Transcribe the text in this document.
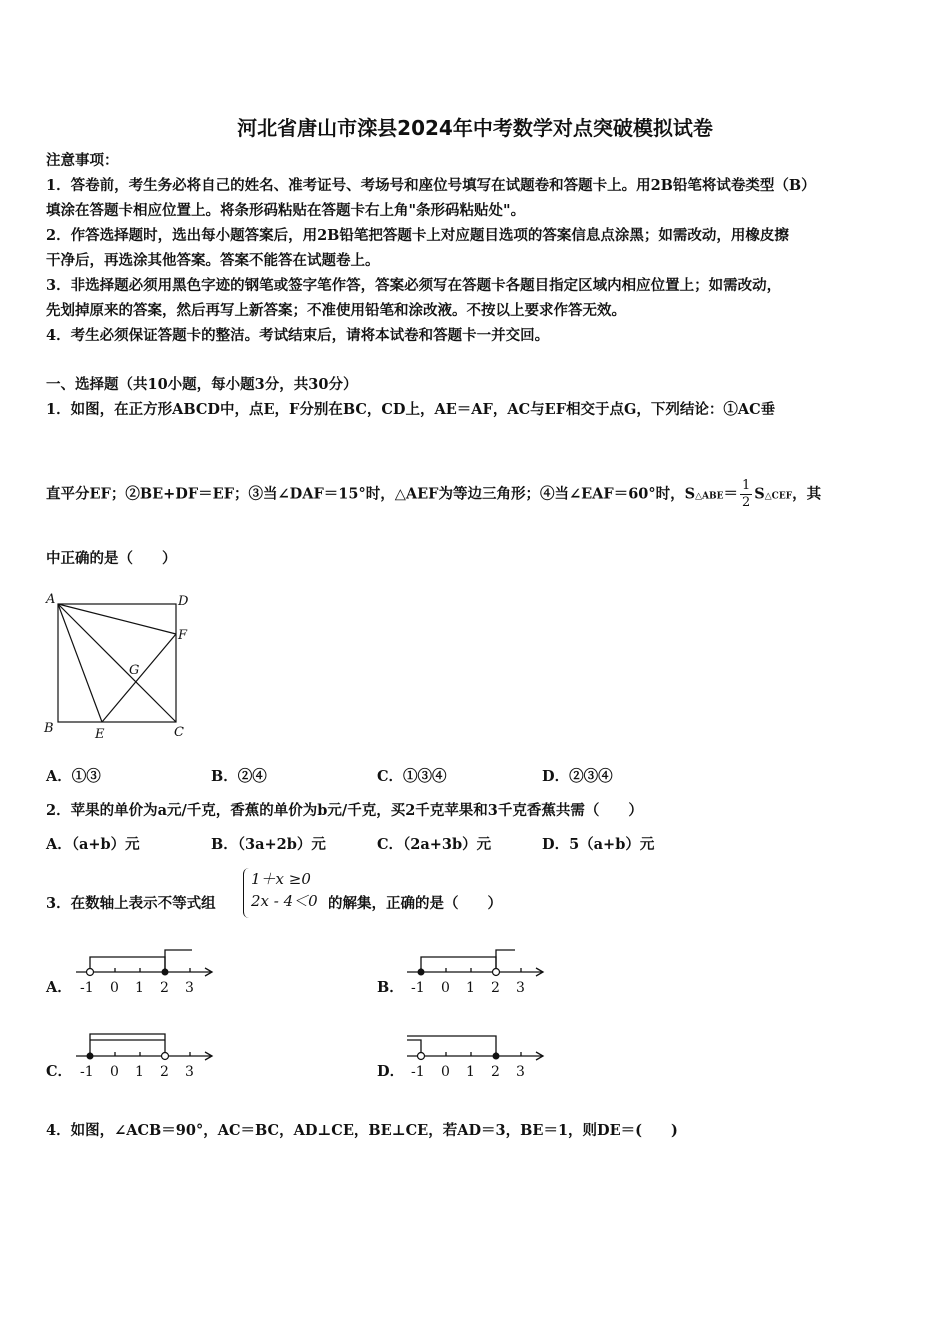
河北省唐山市滦县2024年中考数学对点突破模拟试卷
注意事项：
1．答卷前，考生务必将自己的姓名、准考证号、考场号和座位号填写在试题卷和答题卡上。用2B铅笔将试卷类型（B）
填涂在答题卡相应位置上。将条形码粘贴在答题卡右上角"条形码粘贴处"。
2．作答选择题时，选出每小题答案后，用2B铅笔把答题卡上对应题目选项的答案信息点涂黑；如需改动，用橡皮擦
干净后，再选涂其他答案。答案不能答在试题卷上。
3．非选择题必须用黑色字迹的钢笔或签字笔作答，答案必须写在答题卡各题目指定区域内相应位置上；如需改动，
先划掉原来的答案，然后再写上新答案；不准使用铅笔和涂改液。不按以上要求作答无效。
4．考生必须保证答题卡的整洁。考试结束后，请将本试卷和答题卡一并交回。
一、选择题（共10小题，每小题3分，共30分）
1．如图，在正方形ABCD中，点E，F分别在BC，CD上，AE＝AF，AC与EF相交于点G，下列结论：①AC垂
直平分EF；②BE+DF＝EF；③当∠DAF＝15°时，△AEF为等边三角形；④当∠EAF＝60°时，S△ABE＝ $\frac{1}{2}$ S△CEF，其
中正确的是（　　）
A	D
F
G
B	E	C
A．①③	B．②④	C．①③④	D．②③④
2．苹果的单价为a元/千克，香蕉的单价为b元/千克，买2千克苹果和3千克香蕉共需（　　）
A．（a+b）元	B．（3a+2b）元	C．（2a+3b）元	D．5（a+b）元
3．在数轴上表示不等式组
1＋x ≥0
2x - 4＜0 的解集，正确的是（　　）
A． -1 0 1 2 3	B． -1 0 1 2 3
C． -1 0 1 2 3	D． -1 0 1 2 3
4．如图，∠ACB＝90°，AC＝BC，AD⊥CE，BE⊥CE，若AD＝3，BE＝1，则DE＝(　　)
